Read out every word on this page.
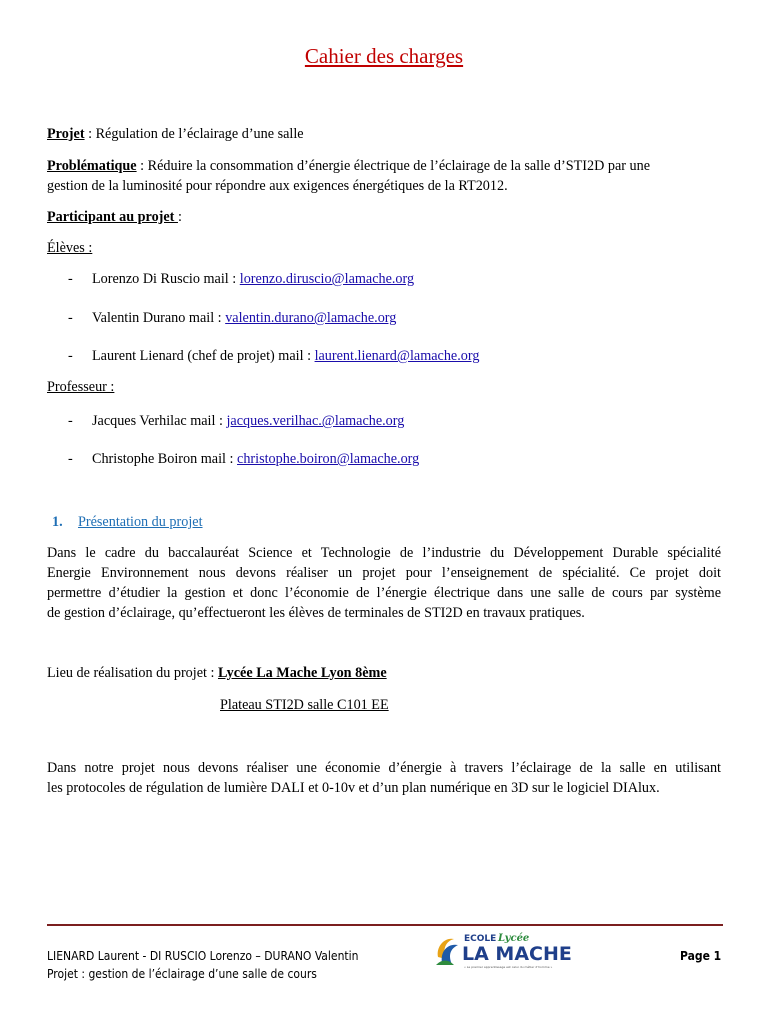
Cahier des charges
Projet : Régulation de l’éclairage d’une salle
Problématique : Réduire la consommation d’énergie électrique de l’éclairage de la salle d’STI2D par une
gestion de la luminosité pour répondre aux exigences énergétiques de la RT2012.
Participant au projet :
Élèves :
- Lorenzo Di Ruscio mail : lorenzo.diruscio@lamache.org
- Valentin Durano mail : valentin.durano@lamache.org
- Laurent Lienard (chef de projet) mail : laurent.lienard@lamache.org
Professeur :
- Jacques Verhilac mail : jacques.verilhac.@lamache.org
- Christophe Boiron mail : christophe.boiron@lamache.org
1. Présentation du projet
Dans le cadre du baccalauréat Science et Technologie de l’industrie du Développement Durable spécialité
Energie Environnement nous devons réaliser un projet pour l’enseignement de spécialité. Ce projet doit
permettre d’étudier la gestion et donc l’économie de l’énergie électrique dans une salle de cours par système
de gestion d’éclairage, qu’effectueront les élèves de terminales de STI2D en travaux pratiques.
Lieu de réalisation du projet : Lycée La Mache Lyon 8ème
Plateau STI2D salle C101 EE
Dans notre projet nous devons réaliser une économie d’énergie à travers l’éclairage de la salle en utilisant
les protocoles de régulation de lumière DALI et 0-10v et d’un plan numérique en 3D sur le logiciel DIAlux.
LIENARD Laurent - DI RUSCIO Lorenzo – DURANO Valentin
Projet : gestion de l’éclairage d’une salle de cours
Page 1
ECOLE Lycée
LA MACHE
« Le premier apprentissage est celui du métier d’homme »
